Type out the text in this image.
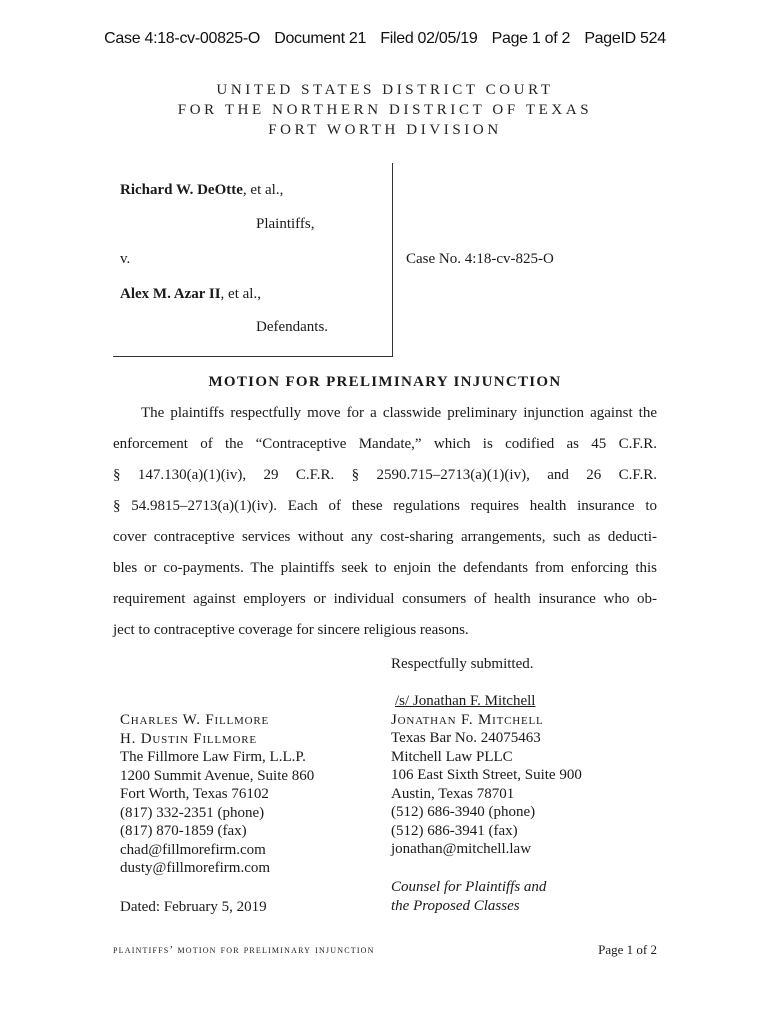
Case 4:18-cv-00825-O Document 21 Filed 02/05/19 Page 1 of 2 PageID 524
UNITED STATES DISTRICT COURT
FOR THE NORTHERN DISTRICT OF TEXAS
FORT WORTH DIVISION
Richard W. DeOtte, et al.,
Plaintiffs,
v.
Alex M. Azar II, et al.,
Defendants.
Case No. 4:18-cv-825-O
MOTION FOR PRELIMINARY INJUNCTION
The plaintiffs respectfully move for a classwide preliminary injunction against the
enforcement of the “Contraceptive Mandate,” which is codified as 45 C.F.R.
§ 147.130(a)(1)(iv), 29 C.F.R. § 2590.715–2713(a)(1)(iv), and 26 C.F.R.
§ 54.9815–2713(a)(1)(iv). Each of these regulations requires health insurance to
cover contraceptive services without any cost-sharing arrangements, such as deducti-
bles or co-payments. The plaintiffs seek to enjoin the defendants from enforcing this
requirement against employers or individual consumers of health insurance who ob-
ject to contraceptive coverage for sincere religious reasons.
Respectfully submitted.
/s/ Jonathan F. Mitchell
Jonathan F. Mitchell
Texas Bar No. 24075463
Mitchell Law PLLC
106 East Sixth Street, Suite 900
Austin, Texas 78701
(512) 686-3940 (phone)
(512) 686-3941 (fax)
jonathan@mitchell.law
Charles W. Fillmore
H. Dustin Fillmore
The Fillmore Law Firm, L.L.P.
1200 Summit Avenue, Suite 860
Fort Worth, Texas 76102
(817) 332-2351 (phone)
(817) 870-1859 (fax)
chad@fillmorefirm.com
dusty@fillmorefirm.com
Counsel for Plaintiffs and
the Proposed Classes
Dated: February 5, 2019
plaintiffs’ motion for preliminary injunction	Page 1 of 2
